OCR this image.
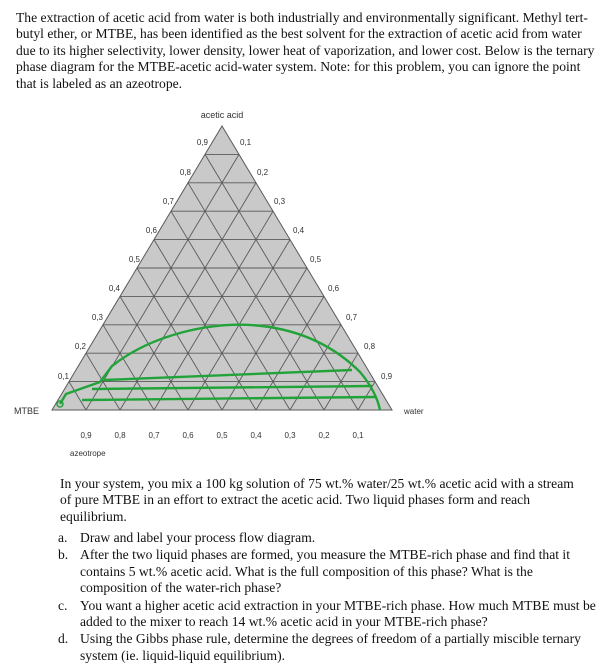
The extraction of acetic acid from water is both industrially and environmentally significant. Methyl tert-butyl ether, or MTBE, has been identified as the best solvent for the extraction of acetic acid from water due to its higher selectivity, lower density, lower heat of vaporization, and lower cost. Below is the ternary phase diagram for the MTBE-acetic acid-water system. Note: for this problem, you can ignore the point that is labeled as an azeotrope.

acetic acid
MTBE	water
azeotrope
0,9
0,8
0,7
0,6
0,5
0,4
0,3
0,2
0,1
0,1
0,2
0,3
0,4
0,5
0,6
0,7
0,8
0,9
0,9	0,8	0,7	0,6	0,5	0,4	0,3	0,2	0,1

In your system, you mix a 100 kg solution of 75 wt.% water/25 wt.% acetic acid with a stream of pure MTBE in an effort to extract the acetic acid. Two liquid phases form and reach equilibrium.

a. Draw and label your process flow diagram.
b. After the two liquid phases are formed, you measure the MTBE-rich phase and find that it contains 5 wt.% acetic acid. What is the full composition of this phase? What is the composition of the water-rich phase?
c. You want a higher acetic acid extraction in your MTBE-rich phase. How much MTBE must be added to the mixer to reach 14 wt.% acetic acid in your MTBE-rich phase?
d. Using the Gibbs phase rule, determine the degrees of freedom of a partially miscible ternary system (ie. liquid-liquid equilibrium).
